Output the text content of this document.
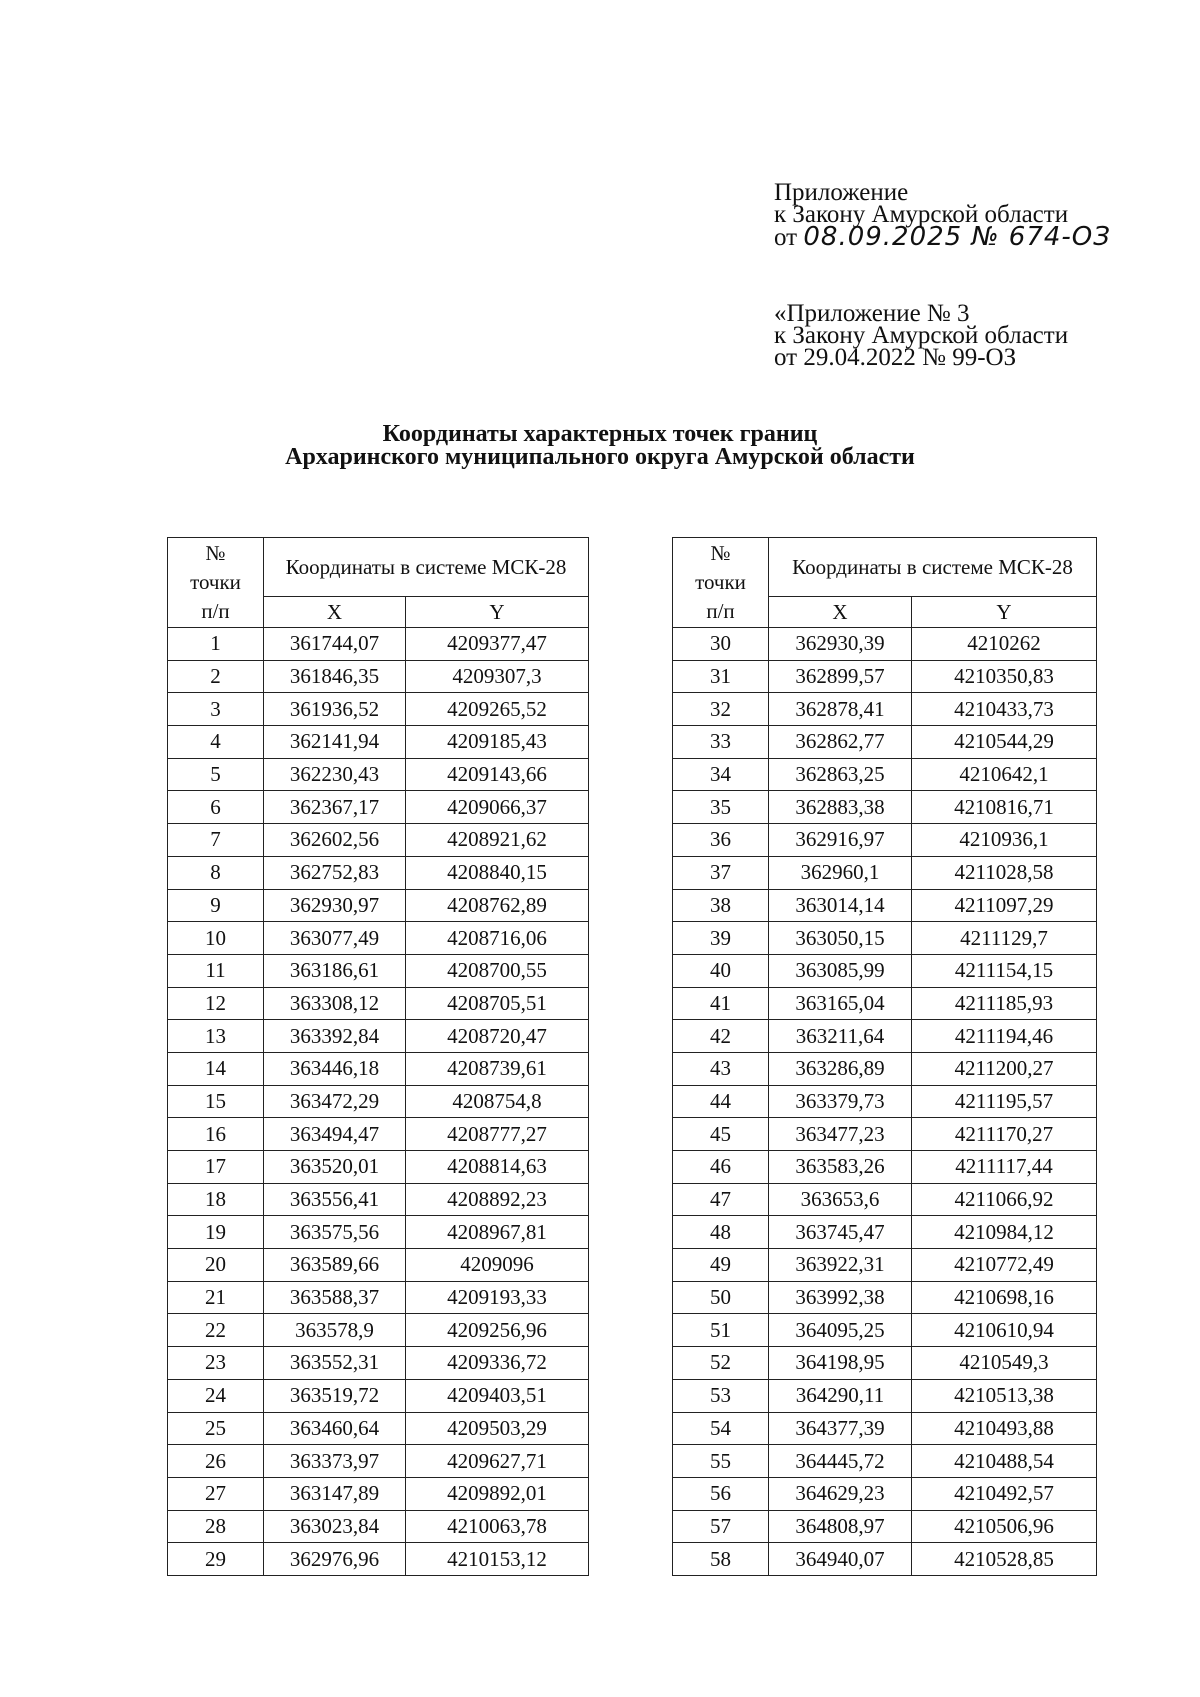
Приложение
к Закону Амурской области
от 08.09.2025 № 674-ОЗ
«Приложение № 3
к Закону Амурской области
от 29.04.2022 № 99-ОЗ
Координаты характерных точек границ
Архаринского муниципального округа Амурской области
№
точки
п/п	Координаты в системе МСК-28	
	X	Y
1	361744,07	4209377,47
2	361846,35	4209307,3
3	361936,52	4209265,52
4	362141,94	4209185,43
5	362230,43	4209143,66
6	362367,17	4209066,37
7	362602,56	4208921,62
8	362752,83	4208840,15
9	362930,97	4208762,89
10	363077,49	4208716,06
11	363186,61	4208700,55
12	363308,12	4208705,51
13	363392,84	4208720,47
14	363446,18	4208739,61
15	363472,29	4208754,8
16	363494,47	4208777,27
17	363520,01	4208814,63
18	363556,41	4208892,23
19	363575,56	4208967,81
20	363589,66	4209096
21	363588,37	4209193,33
22	363578,9	4209256,96
23	363552,31	4209336,72
24	363519,72	4209403,51
25	363460,64	4209503,29
26	363373,97	4209627,71
27	363147,89	4209892,01
28	363023,84	4210063,78
29	362976,96	4210153,12
№
точки
п/п	Координаты в системе МСК-28	
	X	Y
30	362930,39	4210262
31	362899,57	4210350,83
32	362878,41	4210433,73
33	362862,77	4210544,29
34	362863,25	4210642,1
35	362883,38	4210816,71
36	362916,97	4210936,1
37	362960,1	4211028,58
38	363014,14	4211097,29
39	363050,15	4211129,7
40	363085,99	4211154,15
41	363165,04	4211185,93
42	363211,64	4211194,46
43	363286,89	4211200,27
44	363379,73	4211195,57
45	363477,23	4211170,27
46	363583,26	4211117,44
47	363653,6	4211066,92
48	363745,47	4210984,12
49	363922,31	4210772,49
50	363992,38	4210698,16
51	364095,25	4210610,94
52	364198,95	4210549,3
53	364290,11	4210513,38
54	364377,39	4210493,88
55	364445,72	4210488,54
56	364629,23	4210492,57
57	364808,97	4210506,96
58	364940,07	4210528,85
